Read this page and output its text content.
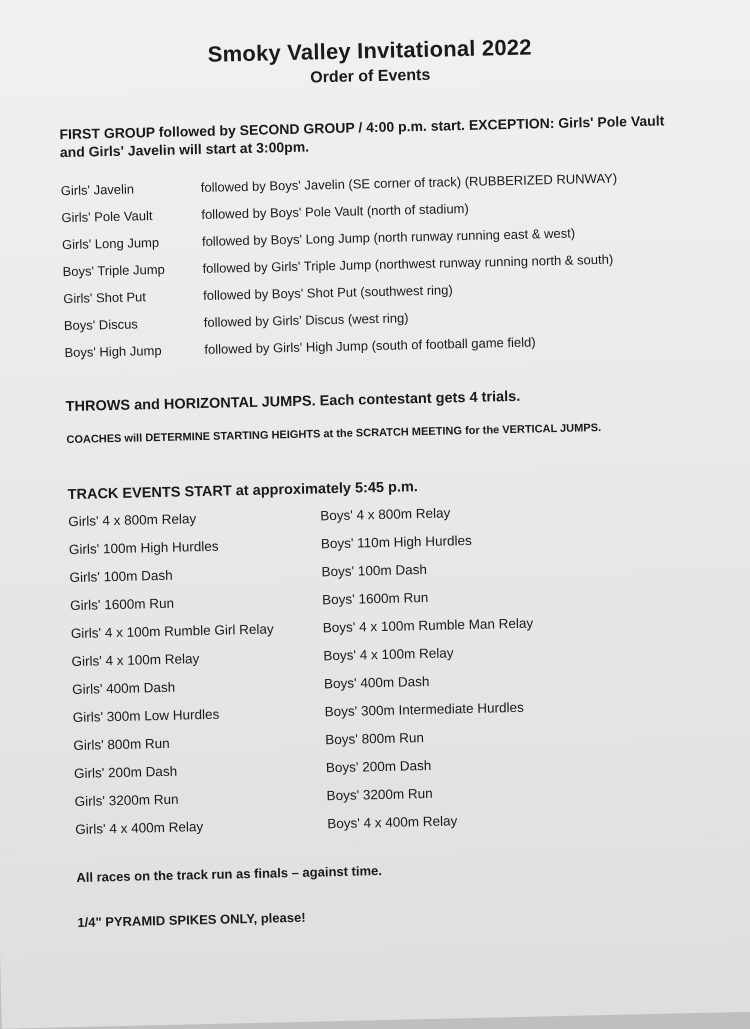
Smoky Valley Invitational 2022
Order of Events
FIRST GROUP followed by SECOND GROUP / 4:00 p.m. start. EXCEPTION: Girls' Pole Vault and Girls' Javelin will start at 3:00pm.
Girls' Javelin	followed by Boys' Javelin (SE corner of track) (RUBBERIZED RUNWAY)
Girls' Pole Vault	followed by Boys' Pole Vault (north of stadium)
Girls' Long Jump	followed by Boys' Long Jump (north runway running east & west)
Boys' Triple Jump	followed by Girls' Triple Jump (northwest runway running north & south)
Girls' Shot Put	followed by Boys' Shot Put (southwest ring)
Boys' Discus	followed by Girls' Discus (west ring)
Boys' High Jump	followed by Girls' High Jump (south of football game field)
THROWS and HORIZONTAL JUMPS. Each contestant gets 4 trials.
COACHES will DETERMINE STARTING HEIGHTS at the SCRATCH MEETING for the VERTICAL JUMPS.
TRACK EVENTS START at approximately 5:45 p.m.
Girls' 4 x 800m Relay	Boys' 4 x 800m Relay
Girls' 100m High Hurdles	Boys' 110m High Hurdles
Girls' 100m Dash	Boys' 100m Dash
Girls' 1600m Run	Boys' 1600m Run
Girls' 4 x 100m Rumble Girl Relay	Boys' 4 x 100m Rumble Man Relay
Girls' 4 x 100m Relay	Boys' 4 x 100m Relay
Girls' 400m Dash	Boys' 400m Dash
Girls' 300m Low Hurdles	Boys' 300m Intermediate Hurdles
Girls' 800m Run	Boys' 800m Run
Girls' 200m Dash	Boys' 200m Dash
Girls' 3200m Run	Boys' 3200m Run
Girls' 4 x 400m Relay	Boys' 4 x 400m Relay
All races on the track run as finals – against time.
1/4" PYRAMID SPIKES ONLY, please!
